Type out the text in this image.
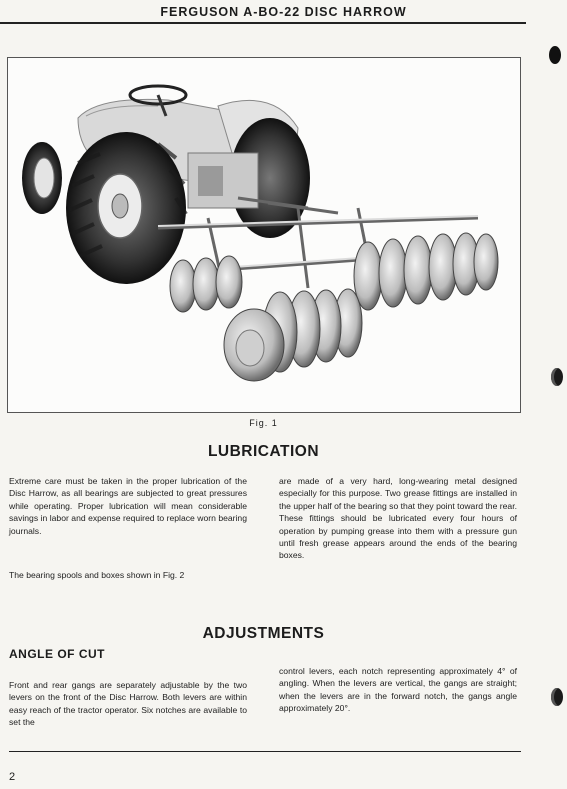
FERGUSON A-BO-22 DISC HARROW
Fig. 1
LUBRICATION
Extreme care must be taken in the proper lubrication of the Disc Harrow, as all bearings are subjected to great pressures while operating. Proper lubrication will mean considerable savings in labor and expense required to replace worn bearing journals.
The bearing spools and boxes shown in Fig. 2
are made of a very hard, long-wearing metal designed especially for this purpose. Two grease fittings are installed in the upper half of the bearing so that they point toward the rear. These fittings should be lubricated every four hours of operation by pumping grease into them with a pressure gun until fresh grease appears around the ends of the bearing boxes.
ADJUSTMENTS
ANGLE OF CUT
Front and rear gangs are separately adjustable by the two levers on the front of the Disc Harrow. Both levers are within easy reach of the tractor operator. Six notches are available to set the
control levers, each notch representing approximately 4° of angling. When the levers are vertical, the gangs are straight; when the levers are in the forward notch, the gangs angle approximately 20°.
2
